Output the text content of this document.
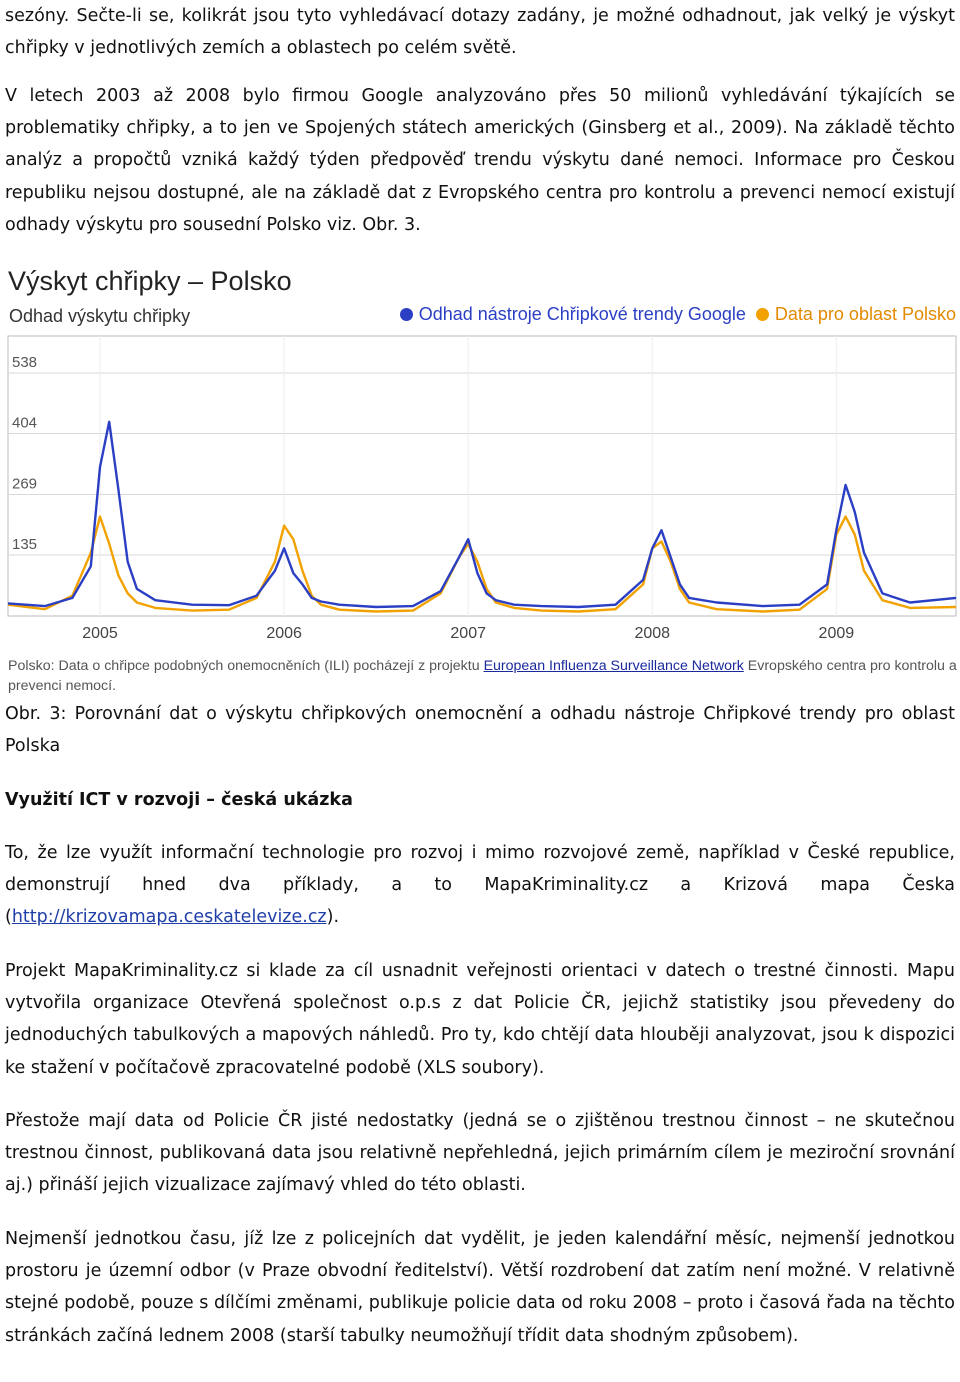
sezóny. Sečte-li se, kolikrát jsou tyto vyhledávací dotazy zadány, je možné odhadnout, jak velký je výskyt chřipky v jednotlivých zemích a oblastech po celém světě.

V letech 2003 až 2008 bylo firmou Google analyzováno přes 50 milionů vyhledávání týkajících se problematiky chřipky, a to jen ve Spojených státech amerických (Ginsberg et al., 2009). Na základě těchto analýz a propočtů vzniká každý týden předpověď trendu výskytu dané nemoci. Informace pro Českou republiku nejsou dostupné, ale na základě dat z Evropského centra pro kontrolu a prevenci nemocí existují odhady výskytu pro sousední Polsko viz. Obr. 3.

Výskyt chřipky – Polsko
Odhad výskytu chřipky	Odhad nástroje Chřipkové trendy Google Data pro oblast Polsko
135
269
404
538
2005	2006	2007	2008	2009
Polsko: Data o chřipce podobných onemocněních (ILI) pocházejí z projektu European Influenza Surveillance Network Evropského centra pro kontrolu a prevenci nemocí.

Obr. 3: Porovnání dat o výskytu chřipkových onemocnění a odhadu nástroje Chřipkové trendy pro oblast Polska

Využití ICT v rozvoji – česká ukázka

To, že lze využít informační technologie pro rozvoj i mimo rozvojové země, například v České republice, demonstrují hned dva příklady, a to MapaKriminality.cz a Krizová mapa Česka (http://krizovamapa.ceskatelevize.cz).

Projekt MapaKriminality.cz si klade za cíl usnadnit veřejnosti orientaci v datech o trestné činnosti. Mapu vytvořila organizace Otevřená společnost o.p.s z dat Policie ČR, jejichž statistiky jsou převedeny do jednoduchých tabulkových a mapových náhledů. Pro ty, kdo chtějí data hlouběji analyzovat, jsou k dispozici ke stažení v počítačově zpracovatelné podobě (XLS soubory).

Přestože mají data od Policie ČR jisté nedostatky (jedná se o zjištěnou trestnou činnost – ne skutečnou trestnou činnost, publikovaná data jsou relativně nepřehledná, jejich primárním cílem je meziroční srovnání aj.) přináší jejich vizualizace zajímavý vhled do této oblasti.

Nejmenší jednotkou času, jíž lze z policejních dat vydělit, je jeden kalendářní měsíc, nejmenší jednotkou prostoru je územní odbor (v Praze obvodní ředitelství). Větší rozdrobení dat zatím není možné. V relativně stejné podobě, pouze s dílčími změnami, publikuje policie data od roku 2008 – proto i časová řada na těchto stránkách začíná lednem 2008 (starší tabulky neumožňují třídit data shodným způsobem).
